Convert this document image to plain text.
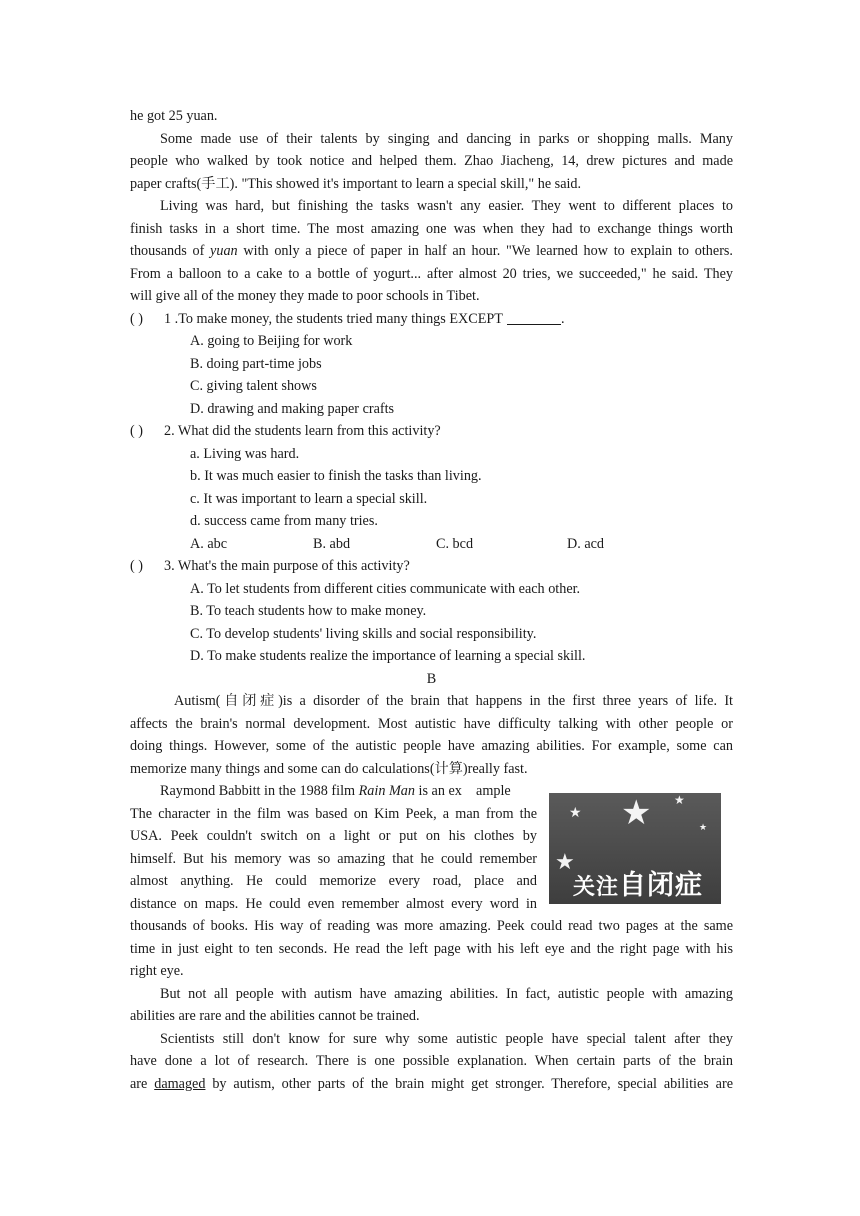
he got 25 yuan.
Some made use of their talents by singing and dancing in parks or shopping malls. Many
people who walked by took notice and helped them. Zhao Jiacheng, 14, drew pictures and made
paper crafts(手工). "This showed it's important to learn a special skill," he said.
Living was hard, but finishing the tasks wasn't any easier. They went to different places to
finish tasks in a short time. The most amazing one was when they had to exchange things worth
thousands of yuan with only a piece of paper in half an hour. "We learned how to explain to others.
From a balloon to a cake to a bottle of yogurt... after almost 20 tries, we succeeded," he said. They
will give all of the money they made to poor schools in Tibet.
( ) 1 .To make money, the students tried many things EXCEPT	.
A. going to Beijing for work
B. doing part-time jobs
C. giving talent shows
D. drawing and making paper crafts
( ) 2. What did the students learn from this activity?
a. Living was hard.
b. It was much easier to finish the tasks than living.
c. It was important to learn a special skill.
d. success came from many tries.
A. abc	B. abd	C. bcd	D. acd
( ) 3. What's the main purpose of this activity?
A. To let students from different cities communicate with each other.
B. To teach students how to make money.
C. To develop students' living skills and social responsibility.
D. To make students realize the importance of learning a special skill.
B
Autism(自闭症)is a disorder of the brain that happens in the first three years of life. It
affects the brain's normal development. Most autistic have difficulty talking with other people or
doing things. However, some of the autistic people have amazing abilities. For example, some can
memorize many things and some can do calculations(计算)really fast.
Raymond Babbitt in the 1988 film Rain Man is an ex    ample
The character in the film was based on Kim Peek, a man from the
USA. Peek couldn't switch on a light or put on his clothes by
himself. But his memory was so amazing that he could remember
almost anything. He could memorize every road, place and
distance on maps. He could even remember almost every word in
thousands of books. His way of reading was more amazing. Peek could read two pages at the same
time in just eight to ten seconds. He read the left page with his left eye and the right page with his
right eye.
But not all people with autism have amazing abilities. In fact, autistic people with amazing
abilities are rare and the abilities cannot be trained.
Scientists still don't know for sure why some autistic people have special talent after they
have done a lot of research. There is one possible explanation. When certain parts of the brain
are damaged by autism, other parts of the brain might get stronger. Therefore, special abilities are
★ ★
★
★
★
关注自闭症
